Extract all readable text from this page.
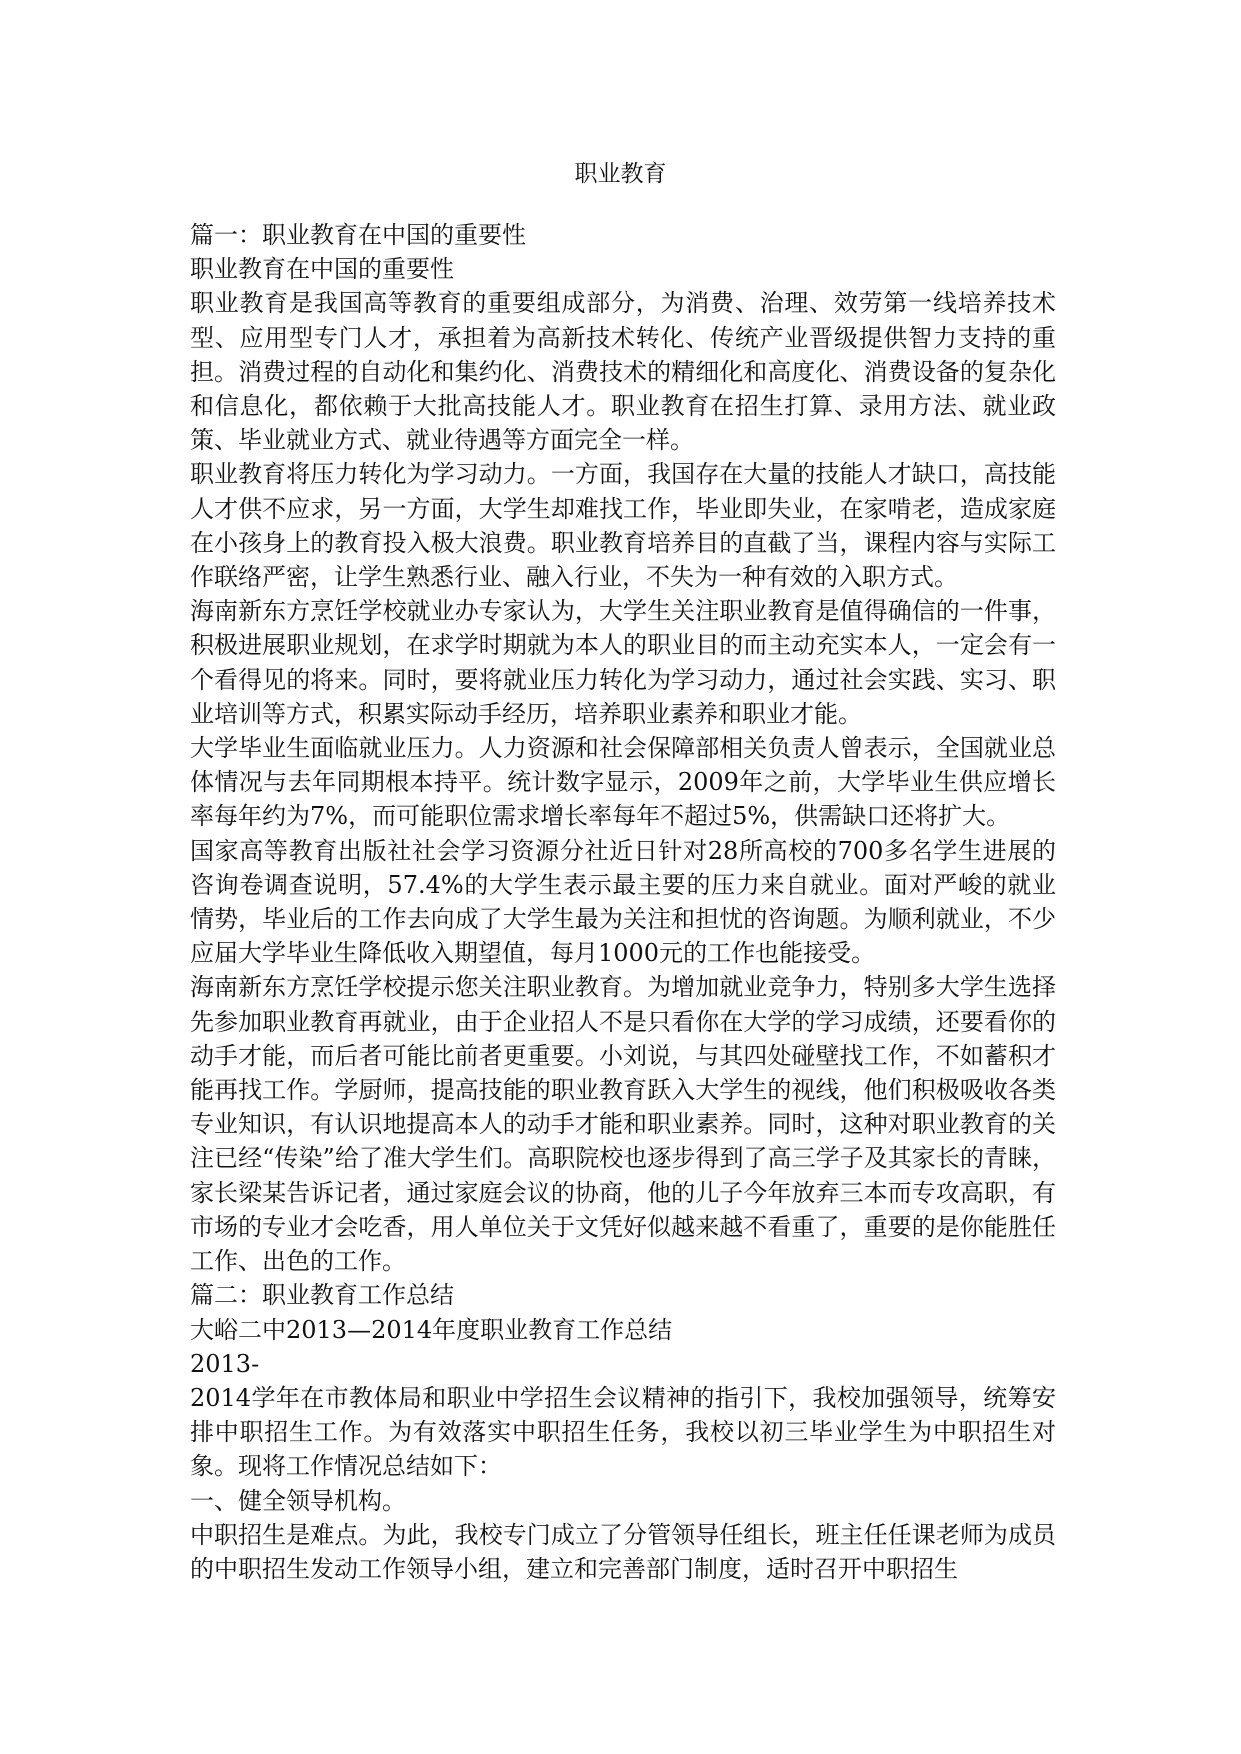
职业教育

篇一：职业教育在中国的重要性

职业教育在中国的重要性

职业教育是我国高等教育的重要组成部分，为消费、治理、效劳第一线培养技术型、应用型专门人才，承担着为高新技术转化、传统产业晋级提供智力支持的重担。消费过程的自动化和集约化、消费技术的精细化和高度化、消费设备的复杂化和信息化，都依赖于大批高技能人才。职业教育在招生打算、录用方法、就业政策、毕业就业方式、就业待遇等方面完全一样。

职业教育将压力转化为学习动力。一方面，我国存在大量的技能人才缺口，高技能人才供不应求，另一方面，大学生却难找工作，毕业即失业，在家啃老，造成家庭在小孩身上的教育投入极大浪费。职业教育培养目的直截了当，课程内容与实际工作联络严密，让学生熟悉行业、融入行业，不失为一种有效的入职方式。

海南新东方烹饪学校就业办专家认为，大学生关注职业教育是值得确信的一件事，积极进展职业规划，在求学时期就为本人的职业目的而主动充实本人，一定会有一个看得见的将来。同时，要将就业压力转化为学习动力，通过社会实践、实习、职业培训等方式，积累实际动手经历，培养职业素养和职业才能。

大学毕业生面临就业压力。人力资源和社会保障部相关负责人曾表示，全国就业总体情况与去年同期根本持平。统计数字显示，2009年之前，大学毕业生供应增长率每年约为7%，而可能职位需求增长率每年不超过5%，供需缺口还将扩大。

国家高等教育出版社社会学习资源分社近日针对28所高校的700多名学生进展的咨询卷调查说明，57.4%的大学生表示最主要的压力来自就业。面对严峻的就业情势，毕业后的工作去向成了大学生最为关注和担忧的咨询题。为顺利就业，不少应届大学毕业生降低收入期望值，每月1000元的工作也能接受。

海南新东方烹饪学校提示您关注职业教育。为增加就业竞争力，特别多大学生选择先参加职业教育再就业，由于企业招人不是只看你在大学的学习成绩，还要看你的动手才能，而后者可能比前者更重要。小刘说，与其四处碰壁找工作，不如蓄积才能再找工作。学厨师，提高技能的职业教育跃入大学生的视线，他们积极吸收各类专业知识，有认识地提高本人的动手才能和职业素养。同时，这种对职业教育的关注已经“传染”给了准大学生们。高职院校也逐步得到了高三学子及其家长的青睐，家长梁某告诉记者，通过家庭会议的协商，他的儿子今年放弃三本而专攻高职，有市场的专业才会吃香，用人单位关于文凭好似越来越不看重了，重要的是你能胜任工作、出色的工作。

篇二：职业教育工作总结

大峪二中2013—2014年度职业教育工作总结

2013-

2014学年在市教体局和职业中学招生会议精神的指引下，我校加强领导，统筹安排中职招生工作。为有效落实中职招生任务，我校以初三毕业学生为中职招生对象。现将工作情况总结如下：

一、健全领导机构。

中职招生是难点。为此，我校专门成立了分管领导任组长，班主任任课老师为成员的中职招生发动工作领导小组，建立和完善部门制度，适时召开中职招生
